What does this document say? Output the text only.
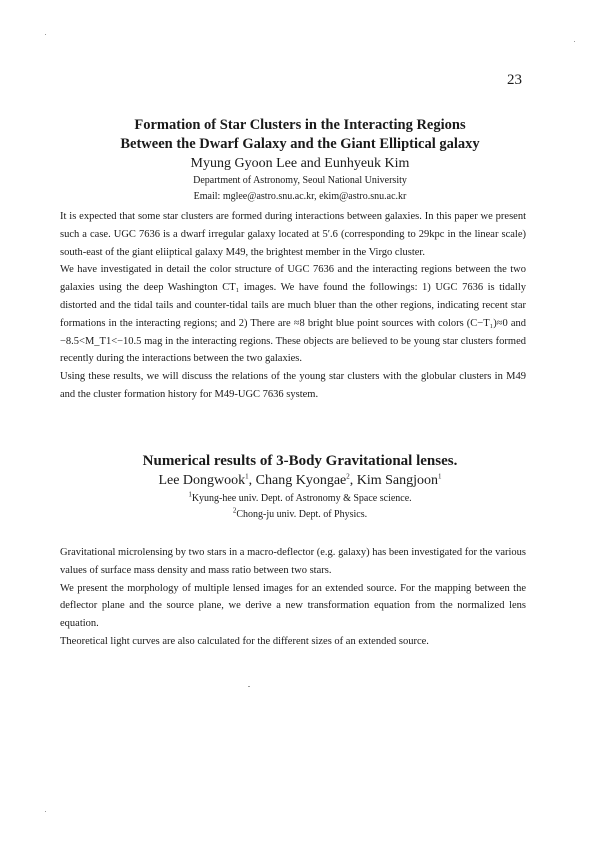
23
Formation of Star Clusters in the Interacting Regions
Between the Dwarf Galaxy and the Giant Elliptical galaxy
Myung Gyoon Lee and Eunhyeuk Kim
Department of Astronomy, Seoul National University
Email: mglee@astro.snu.ac.kr, ekim@astro.snu.ac.kr

It is expected that some star clusters are formed during interactions between galaxies. In this paper we present such a case. UGC 7636 is a dwarf irregular galaxy located at 5′.6 (corresponding to 29kpc in the linear scale) south-east of the giant eliiptical galaxy M49, the brightest member in the Virgo cluster.

We have investigated in detail the color structure of UGC 7636 and the interacting regions between the two galaxies using the deep Washington CT₁ images. We have found the followings: 1) UGC 7636 is tidally distorted and the tidal tails and counter-tidal tails are much bluer than the other regions, indicating recent star formations in the interacting regions; and 2) There are ≈8 bright blue point sources with colors (C−T₁)≈0 and −8.5<M_T1<−10.5 mag in the interacting regions. These objects are believed to be young star clusters formed recently during the interactions between the two galaxies.

Using these results, we will discuss the relations of the young star clusters with the globular clusters in M49 and the cluster formation history for M49-UGC 7636 system.

Numerical results of 3-Body Gravitational lenses.
Lee Dongwook$^1$, Chang Kyongae$^2$, Kim Sangjoon$^1$
$^1$Kyung-hee univ. Dept. of Astronomy & Space science.
$^2$Chong-ju univ. Dept. of Physics.

Gravitational microlensing by two stars in a macro-deflector (e.g. galaxy) has been investigated for the various values of surface mass density and mass ratio between two stars.

We present the morphology of multiple lensed images for an extended source. For the mapping between the deflector plane and the source plane, we derive a new transformation equation from the normalized lens equation.

Theoretical light curves are also calculated for the different sizes of an extended source.
